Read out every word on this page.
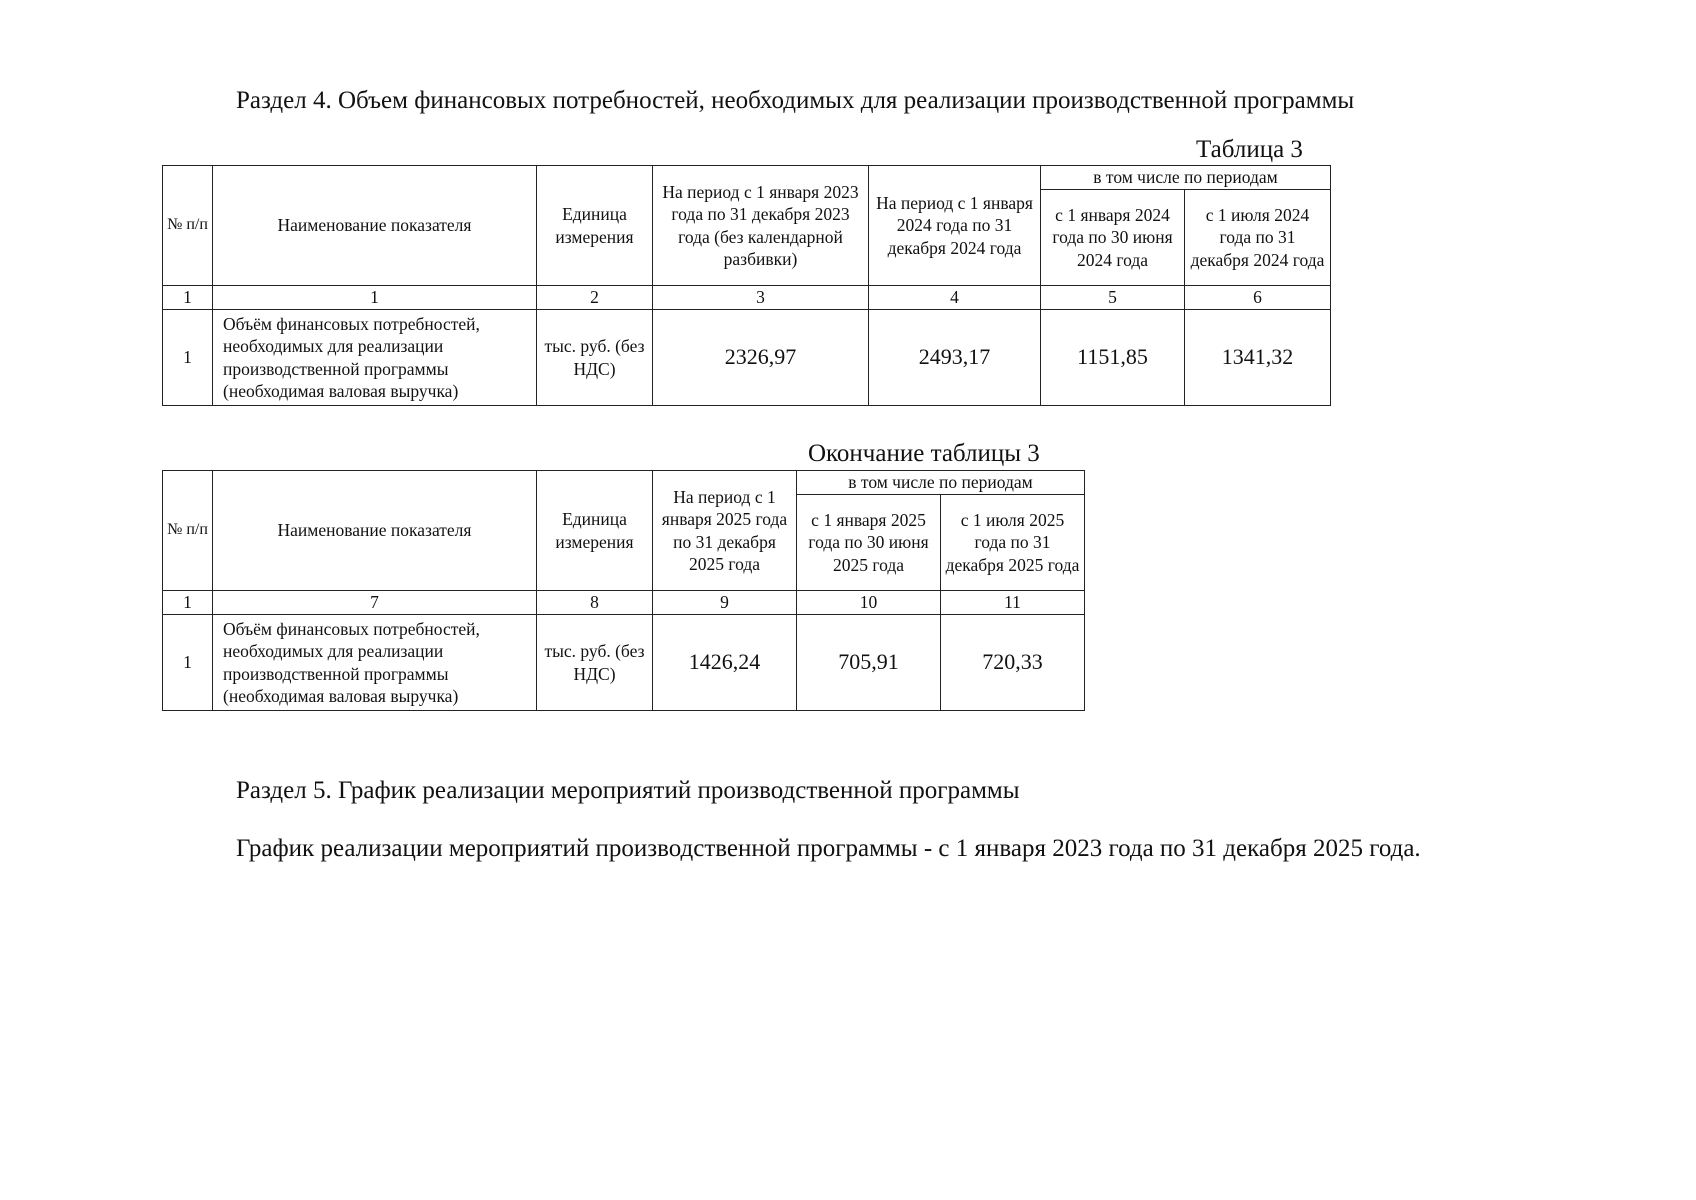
Раздел 4. Объем финансовых потребностей, необходимых для реализации производственной программы
Таблица 3
№ п/п	Наименование показателя	Единица измерения	На период с 1 января 2023 года по 31 декабря 2023 года (без календарной разбивки)	На период с 1 января 2024 года по 31 декабря 2024 года	в том числе по периодам	
					с 1 января 2024 года по 30 июня 2024 года	с 1 июля 2024 года по 31 декабря 2024 года
1	1	2	3	4	5	6
1	Объём финансовых потребностей, необходимых для реализации производственной программы (необходимая валовая выручка)	тыс. руб. (без НДС)	2326,97	2493,17	1151,85	1341,32
Окончание таблицы 3
№ п/п	Наименование показателя	Единица измерения	На период с 1 января 2025 года по 31 декабря 2025 года	в том числе по периодам	
				с 1 января 2025 года по 30 июня 2025 года	с 1 июля 2025 года по 31 декабря 2025 года
1	7	8	9	10	11
1	Объём финансовых потребностей, необходимых для реализации производственной программы (необходимая валовая выручка)	тыс. руб. (без НДС)	1426,24	705,91	720,33
Раздел 5. График реализации мероприятий производственной программы
График реализации мероприятий производственной программы - с 1 января 2023 года по 31 декабря 2025 года.
